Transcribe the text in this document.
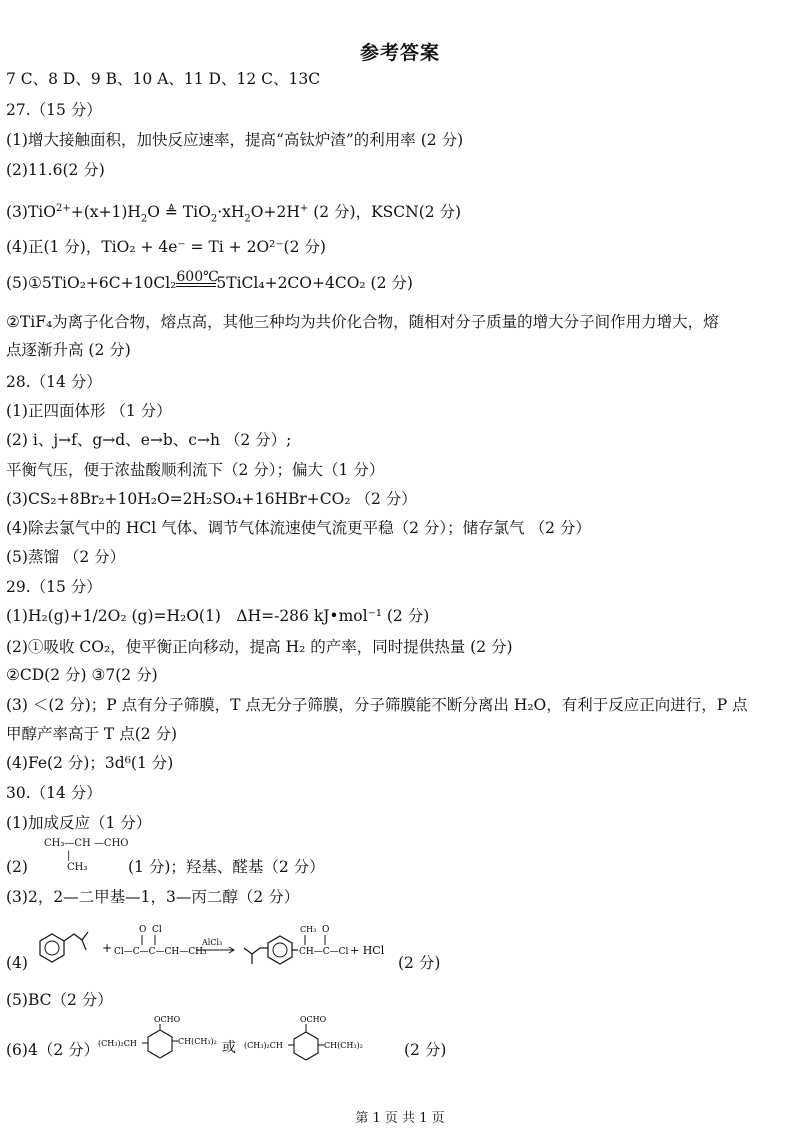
参考答案
7 C、8 D、9 B、10 A、11 D、12 C、13C
27.（15 分）
(1)增大接触面积，加快反应速率，提高“高钛炉渣”的利用率 (2 分)
(2)11.6(2 分)
$(3)TiO^{2+}+(x+1)H_2O$ ≜ $TiO_2\cdot xH_2O+2H^+$ (2 分)，KSCN(2 分)
(4)正(1 分)，TiO₂ + 4e⁻ = Ti + 2O²⁻(2 分)
(5)①5TiO₂+6C+10Cl₂ 600℃
5TiCl₄+2CO+4CO₂ (2 分)
②TiF₄为离子化合物，熔点高，其他三种均为共价化合物，随相对分子质量的增大分子间作用力增大，熔
点逐渐升高 (2 分)
28.（14 分）
(1)正四面体形 （1 分）
(2) i、j→f、g→d、e→b、c→h （2 分）;
平衡气压，便于浓盐酸顺利流下（2 分）；偏大（1 分）
(3)CS₂+8Br₂+10H₂O=2H₂SO₄+16HBr+CO₂ （2 分）
(4)除去氯气中的 HCl 气体、调节气体流速使气流更平稳（2 分）；储存氯气 （2 分）
(5)蒸馏 （2 分）
29.（15 分）
(1)H₂(g)+1/2O₂ (g)=H₂O(1)　ΔH=-286 kJ•mol⁻¹ (2 分)
(2)①吸收 CO₂，使平衡正向移动，提高 H₂ 的产率，同时提供热量 (2 分)
②CD(2 分) ③7(2 分)
(3) ＜(2 分)；P 点有分子筛膜，T 点无分子筛膜，分子筛膜能不断分离出 H₂O，有利于反应正向进行，P 点
甲醇产率高于 T 点(2 分)
(4)Fe(2 分)；3d⁶(1 分)
30.（14 分）
(1)加成反应（1 分）
(2)
CH₃—CH —CHO
|
CH₃	(1 分)；羟基、醛基（2 分）
(3)2，2—二甲基—1，3—丙二醇（2 分）
(4)
+ Cl—C—C—CH—CH₃
O Cl
AlCl₃
CH—C—Cl
CH₃ O
+ HCl
(2 分)
(5)BC（2 分）
(6)4（2 分）
(CH₃)₂CH
OCHO
CH(CH₃)₂ 或 (CH₃)₂CH
OCHO
CH(CH₃)₂	(2 分)
第 1 页 共 1 页
